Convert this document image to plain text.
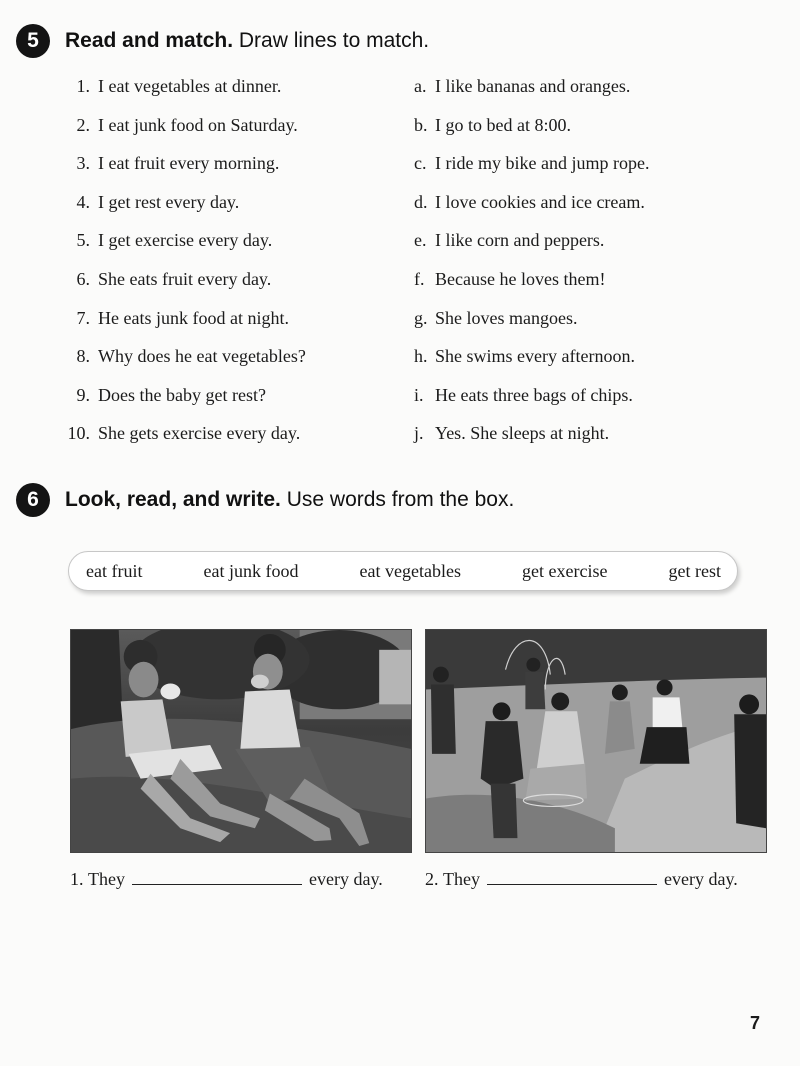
5	Read and match. Draw lines to match.
1. I eat vegetables at dinner.
2. I eat junk food on Saturday.
3. I eat fruit every morning.
4. I get rest every day.
5. I get exercise every day.
6. She eats fruit every day.
7. He eats junk food at night.
8. Why does he eat vegetables?
9. Does the baby get rest?
10. She gets exercise every day.
a. I like bananas and oranges.
b. I go to bed at 8:00.
c. I ride my bike and jump rope.
d. I love cookies and ice cream.
e. I like corn and peppers.
f. Because he loves them!
g. She loves mangoes.
h. She swims every afternoon.
i. He eats three bags of chips.
j. Yes. She sleeps at night.
6	Look, read, and write. Use words from the box.
eat fruit	eat junk food	eat vegetables	get exercise	get rest
1.
They	every day. 2.
They	every day.
7
